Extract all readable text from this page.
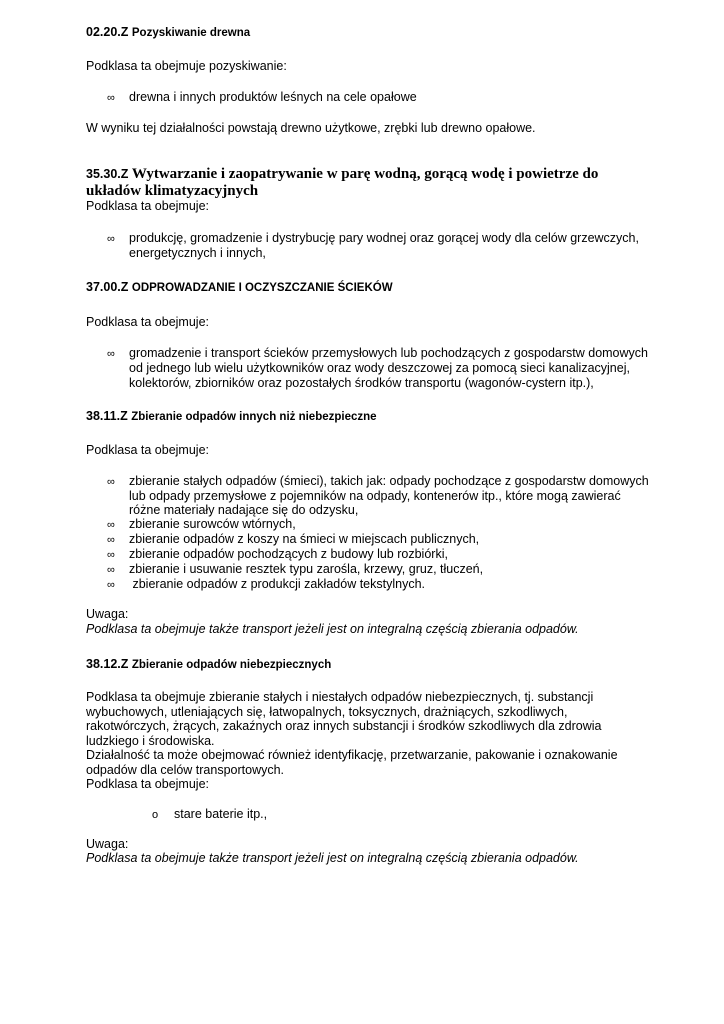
02.20.Z Pozyskiwanie drewna
Podklasa ta obejmuje pozyskiwanie:
∞ drewna i innych produktów leśnych na cele opałowe
W wyniku tej działalności powstają drewno użytkowe, zrębki lub drewno opałowe.
35.30.Z Wytwarzanie i zaopatrywanie w parę wodną, gorącą wodę i powietrze do
układów klimatyzacyjnych
Podklasa ta obejmuje:
∞ produkcję, gromadzenie i dystrybucję pary wodnej oraz gorącej wody dla celów grzewczych,
energetycznych i innych,
37.00.Z ODPROWADZANIE I OCZYSZCZANIE ŚCIEKÓW
Podklasa ta obejmuje:
∞ gromadzenie i transport ścieków przemysłowych lub pochodzących z gospodarstw domowych
od jednego lub wielu użytkowników oraz wody deszczowej za pomocą sieci kanalizacyjnej,
kolektorów, zbiorników oraz pozostałych środków transportu (wagonów-cystern itp.),
38.11.Z Zbieranie odpadów innych niż niebezpieczne
Podklasa ta obejmuje:
∞ zbieranie stałych odpadów (śmieci), takich jak: odpady pochodzące z gospodarstw domowych
lub odpady przemysłowe z pojemników na odpady, kontenerów itp., które mogą zawierać
różne materiały nadające się do odzysku,
∞ zbieranie surowców wtórnych,
∞ zbieranie odpadów z koszy na śmieci w miejscach publicznych,
∞ zbieranie odpadów pochodzących z budowy lub rozbiórki,
∞ zbieranie i usuwanie resztek typu zarośla, krzewy, gruz, tłuczeń,
∞ zbieranie odpadów z produkcji zakładów tekstylnych.
Uwaga:
Podklasa ta obejmuje także transport jeżeli jest on integralną częścią zbierania odpadów.
38.12.Z Zbieranie odpadów niebezpiecznych
Podklasa ta obejmuje zbieranie stałych i niestałych odpadów niebezpiecznych, tj. substancji
wybuchowych, utleniających się, łatwopalnych, toksycznych, drażniących, szkodliwych,
rakotwórczych, żrących, zakaźnych oraz innych substancji i środków szkodliwych dla zdrowia
ludzkiego i środowiska.
Działalność ta może obejmować również identyfikację, przetwarzanie, pakowanie i oznakowanie
odpadów dla celów transportowych.
Podklasa ta obejmuje:
o stare baterie itp.,
Uwaga:
Podklasa ta obejmuje także transport jeżeli jest on integralną częścią zbierania odpadów.
